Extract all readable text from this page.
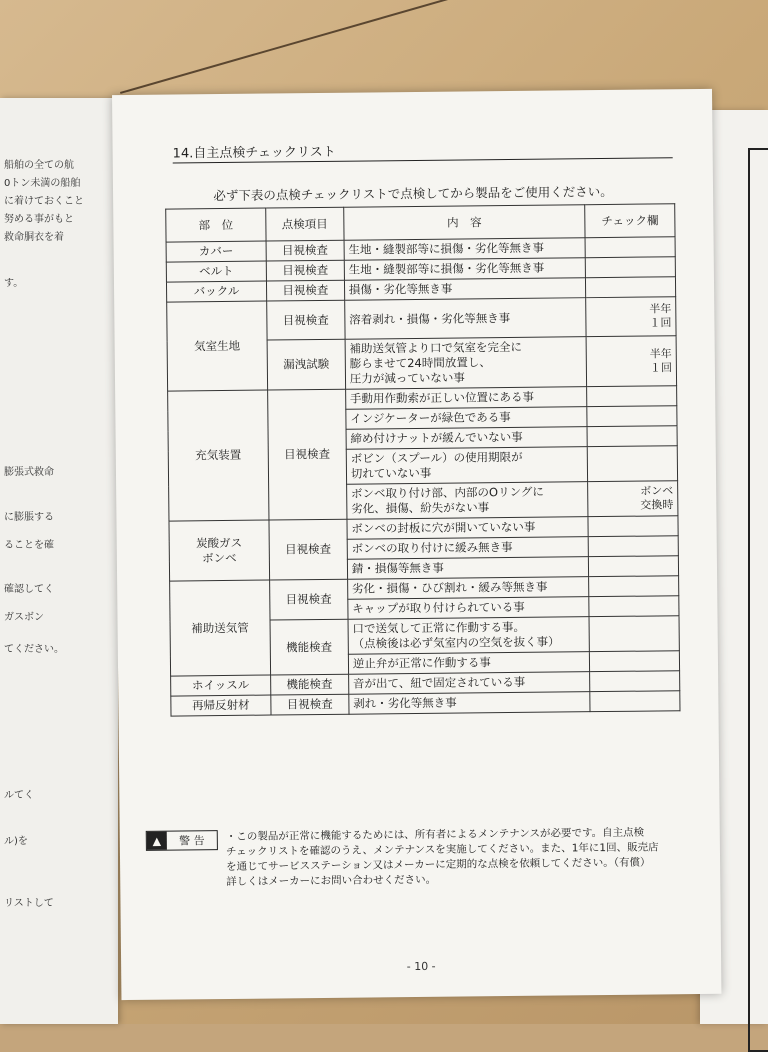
船舶の全ての航
0トン未満の船舶
に着けておくこと
努める事がもと
救命胴衣を着
す。
膨張式救命
に膨脹する
ることを確
確認してく
ガスボン
てください。
ルてく
ル)を
リストして
14.自主点検チェックリスト
必ず下表の点検チェックリストで点検してから製品をご使用ください。
部　位	点検項目	内　容	チェック欄
カバー	目視検査	生地・縫製部等に損傷・劣化等無き事	
ベルト	目視検査	生地・縫製部等に損傷・劣化等無き事	
バックル	目視検査	損傷・劣化等無き事	
気室生地	目視検査	溶着剥れ・損傷・劣化等無き事	半年
１回

	漏洩試験	補助送気管より口で気室を完全に
膨らませて24時間放置し、
圧力が減っていない事	半年
１回

充気装置	目視検査	手動用作動索が正しい位置にある事	
		インジケーターが緑色である事	
		締め付けナットが緩んでいない事	

		ボビン（スプール）の使用期限が
切れていない事	

		ボンベ取り付け部、内部のOリングに
劣化、損傷、紛失がない事	ボンベ
交換時

炭酸ガス
ボンベ	目視検査	ボンベの封板に穴が開いていない事	
		ボンベの取り付けに緩み無き事	
		錆・損傷等無き事	
補助送気管	目視検査	劣化・損傷・ひび割れ・緩み等無き事	
		キャップが取り付けられている事	
	機能検査	口で送気して正常に作動する事。
（点検後は必ず気室内の空気を抜く事）	

		逆止弁が正常に作動する事	
ホイッスル	機能検査	音が出て、紐で固定されている事	
再帰反射材	目視検査	剥れ・劣化等無き事	
▲	警 告	・この製品が正常に機能するためには、所有者によるメンテナンスが必要です。自主点検
チェックリストを確認のうえ、メンテナンスを実施してください。また、1年に1回、販売店
を通じてサービスステーション又はメーカーに定期的な点検を依頼してください。（有償）
詳しくはメーカーにお問い合わせください。
- 10 -
